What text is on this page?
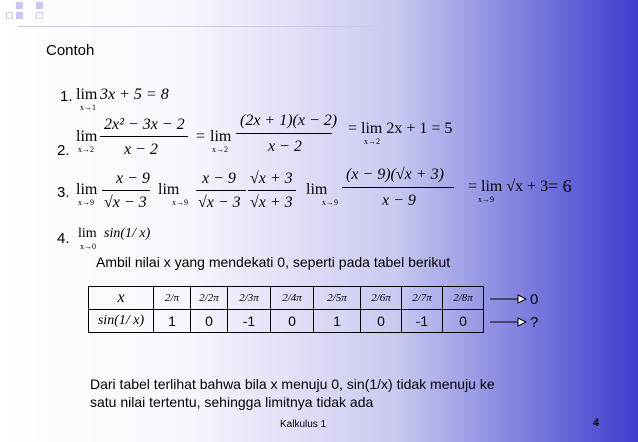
Contoh
1. lim
x→1
3x + 5 = 8
2.
lim
x→2
2x² − 3x − 2
x − 2
= lim
x→2
(2x + 1)(x − 2)
x − 2
= lim 2x + 1 = 5
x→2
3. lim
x→9
x − 9
√x − 3
lim
x→9
x − 9
√x − 3
√x + 3
√x + 3
lim
x→9
(x − 9)(√x + 3)
x − 9
= lim √x + 3
x→9
= 6
4. lim
x→0
sin(1/ x)
Ambil nilai x yang mendekati 0, seperti pada tabel berikut
x	2/π	2/2π	2/3π	2/4π	2/5π	2/6π	2/7π	2/8π
sin(1/ x)	1	0	-1	0	1	0	-1	0
0
?
Dari tabel terlihat bahwa bila x menuju 0, sin(1/x) tidak menuju ke
satu nilai tertentu, sehingga limitnya tidak ada
Kalkulus 1	4
